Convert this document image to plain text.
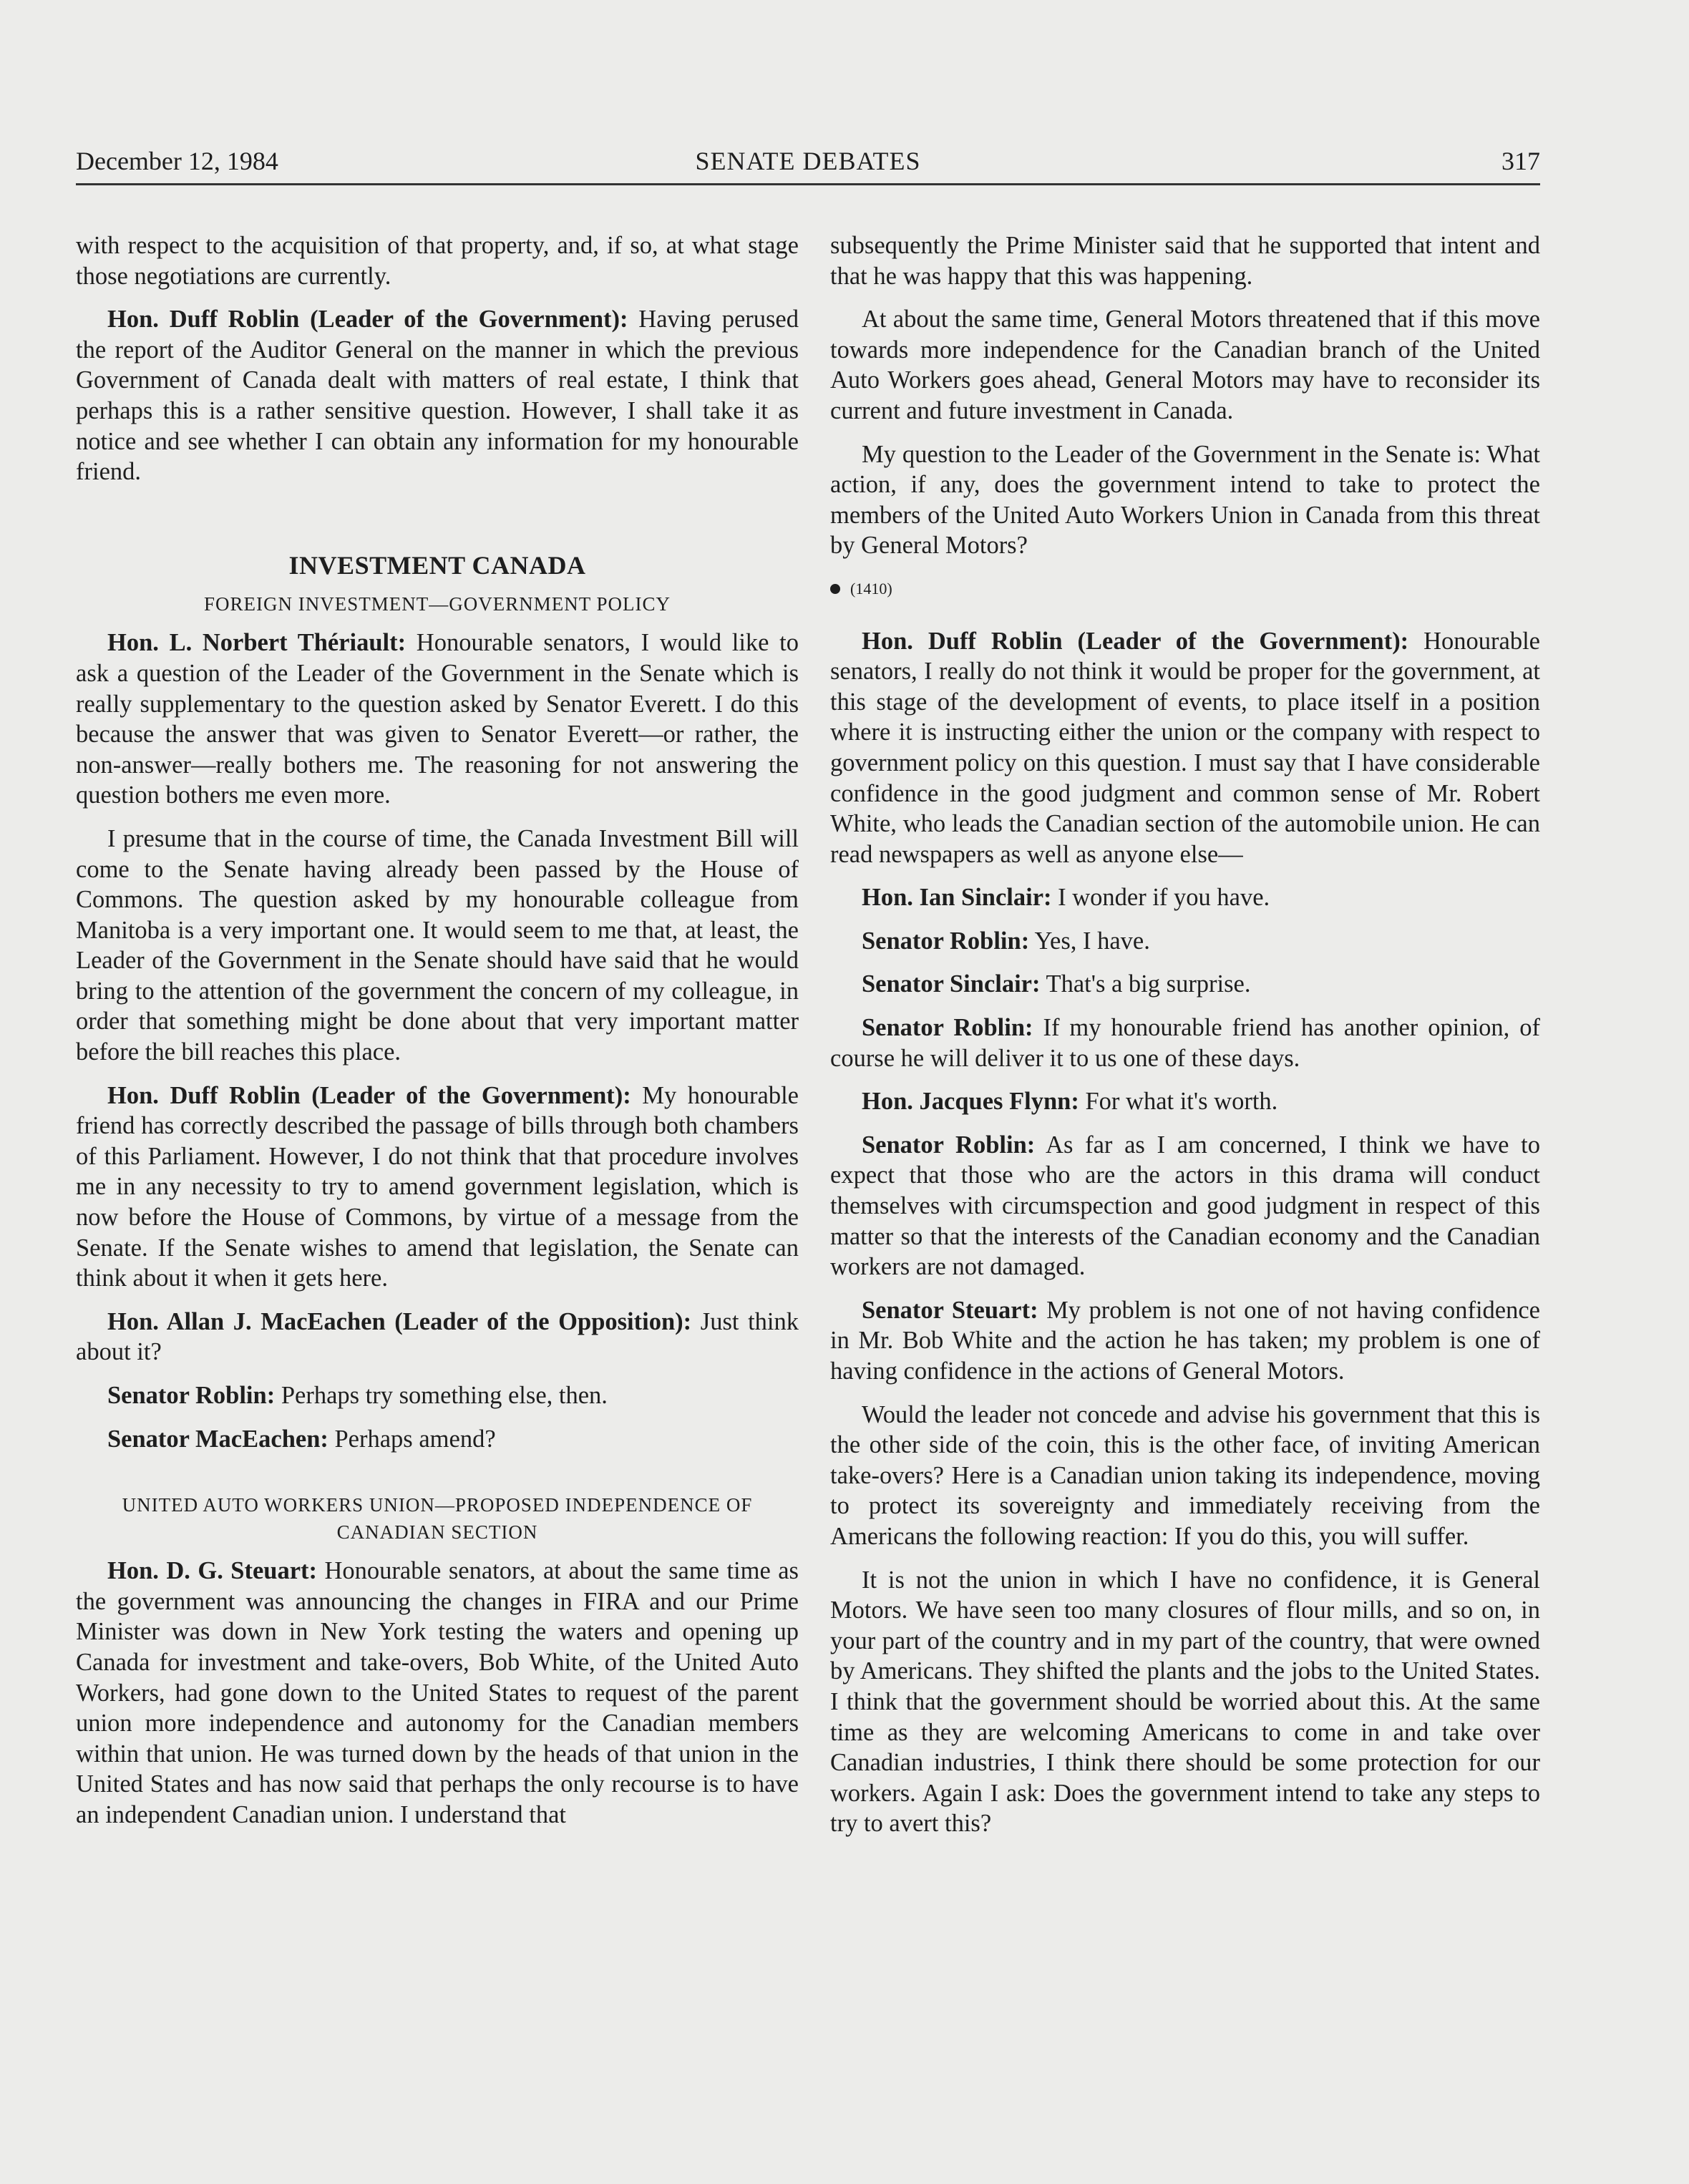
December 12, 1984	SENATE DEBATES	317

with respect to the acquisition of that property, and, if so, at what stage those negotiations are currently.

Hon. Duff Roblin (Leader of the Government): Having perused the report of the Auditor General on the manner in which the previous Government of Canada dealt with matters of real estate, I think that perhaps this is a rather sensitive question. However, I shall take it as notice and see whether I can obtain any information for my honourable friend.

INVESTMENT CANADA
FOREIGN INVESTMENT—GOVERNMENT POLICY

Hon. L. Norbert Thériault: Honourable senators, I would like to ask a question of the Leader of the Government in the Senate which is really supplementary to the question asked by Senator Everett. I do this because the answer that was given to Senator Everett—or rather, the non-answer—really bothers me. The reasoning for not answering the question bothers me even more.

I presume that in the course of time, the Canada Investment Bill will come to the Senate having already been passed by the House of Commons. The question asked by my honourable colleague from Manitoba is a very important one. It would seem to me that, at least, the Leader of the Government in the Senate should have said that he would bring to the attention of the government the concern of my colleague, in order that something might be done about that very important matter before the bill reaches this place.

Hon. Duff Roblin (Leader of the Government): My honourable friend has correctly described the passage of bills through both chambers of this Parliament. However, I do not think that that procedure involves me in any necessity to try to amend government legislation, which is now before the House of Commons, by virtue of a message from the Senate. If the Senate wishes to amend that legislation, the Senate can think about it when it gets here.

Hon. Allan J. MacEachen (Leader of the Opposition): Just think about it?

Senator Roblin: Perhaps try something else, then.

Senator MacEachen: Perhaps amend?

UNITED AUTO WORKERS UNION—PROPOSED INDEPENDENCE OF
CANADIAN SECTION

Hon. D. G. Steuart: Honourable senators, at about the same time as the government was announcing the changes in FIRA and our Prime Minister was down in New York testing the waters and opening up Canada for investment and take-overs, Bob White, of the United Auto Workers, had gone down to the United States to request of the parent union more independence and autonomy for the Canadian members within that union. He was turned down by the heads of that union in the United States and has now said that perhaps the only recourse is to have an independent Canadian union. I understand that

subsequently the Prime Minister said that he supported that intent and that he was happy that this was happening.

At about the same time, General Motors threatened that if this move towards more independence for the Canadian branch of the United Auto Workers goes ahead, General Motors may have to reconsider its current and future investment in Canada.

My question to the Leader of the Government in the Senate is: What action, if any, does the government intend to take to protect the members of the United Auto Workers Union in Canada from this threat by General Motors?

(1410)

Hon. Duff Roblin (Leader of the Government): Honourable senators, I really do not think it would be proper for the government, at this stage of the development of events, to place itself in a position where it is instructing either the union or the company with respect to government policy on this question. I must say that I have considerable confidence in the good judgment and common sense of Mr. Robert White, who leads the Canadian section of the automobile union. He can read newspapers as well as anyone else—

Hon. Ian Sinclair: I wonder if you have.

Senator Roblin: Yes, I have.

Senator Sinclair: That's a big surprise.

Senator Roblin: If my honourable friend has another opinion, of course he will deliver it to us one of these days.

Hon. Jacques Flynn: For what it's worth.

Senator Roblin: As far as I am concerned, I think we have to expect that those who are the actors in this drama will conduct themselves with circumspection and good judgment in respect of this matter so that the interests of the Canadian economy and the Canadian workers are not damaged.

Senator Steuart: My problem is not one of not having confidence in Mr. Bob White and the action he has taken; my problem is one of having confidence in the actions of General Motors.

Would the leader not concede and advise his government that this is the other side of the coin, this is the other face, of inviting American take-overs? Here is a Canadian union taking its independence, moving to protect its sovereignty and immediately receiving from the Americans the following reaction: If you do this, you will suffer.

It is not the union in which I have no confidence, it is General Motors. We have seen too many closures of flour mills, and so on, in your part of the country and in my part of the country, that were owned by Americans. They shifted the plants and the jobs to the United States. I think that the government should be worried about this. At the same time as they are welcoming Americans to come in and take over Canadian industries, I think there should be some protection for our workers. Again I ask: Does the government intend to take any steps to try to avert this?
